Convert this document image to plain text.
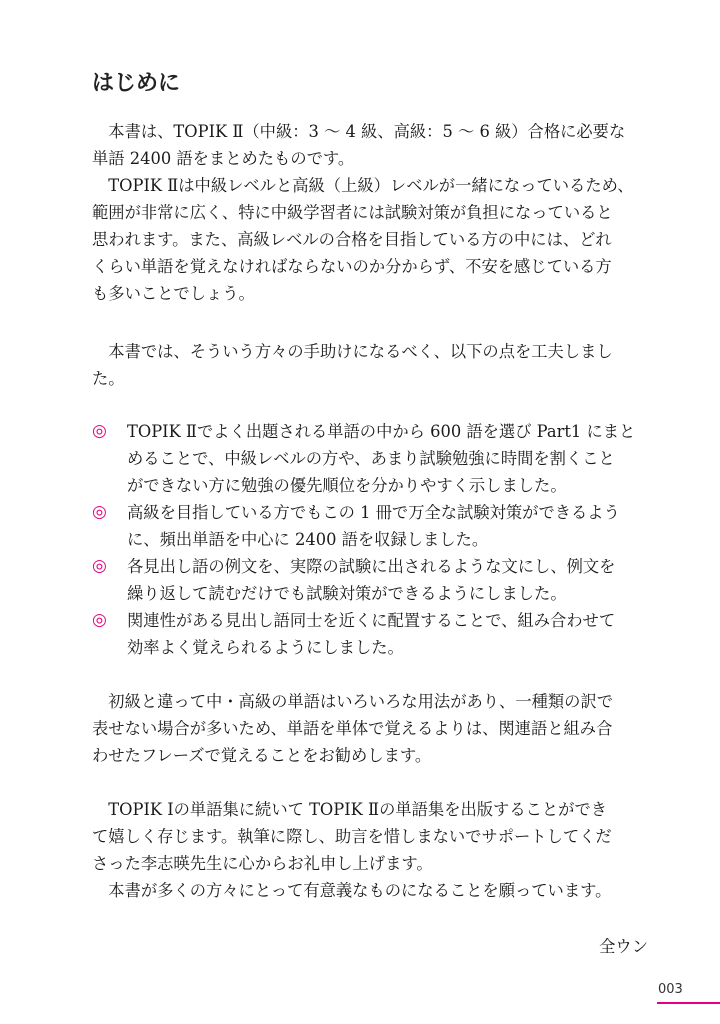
はじめに
　本書は、TOPIK Ⅱ（中級：3 ～ 4 級、高級：5 ～ 6 級）合格に必要な
単語 2400 語をまとめたものです。
　TOPIK Ⅱは中級レベルと高級（上級）レベルが一緒になっているため、
範囲が非常に広く、特に中級学習者には試験対策が負担になっていると
思われます。また、高級レベルの合格を目指している方の中には、どれ
くらい単語を覚えなければならないのか分からず、不安を感じている方
も多いことでしょう。
　本書では、そういう方々の手助けになるべく、以下の点を工夫しまし
た。
◎ TOPIK Ⅱでよく出題される単語の中から 600 語を選び Part1 にまと
めることで、中級レベルの方や、あまり試験勉強に時間を割くこと
ができない方に勉強の優先順位を分かりやすく示しました。
◎ 高級を目指している方でもこの 1 冊で万全な試験対策ができるよう
に、頻出単語を中心に 2400 語を収録しました。
◎ 各見出し語の例文を、実際の試験に出されるような文にし、例文を
繰り返して読むだけでも試験対策ができるようにしました。
◎ 関連性がある見出し語同士を近くに配置することで、組み合わせて
効率よく覚えられるようにしました。
　初級と違って中・高級の単語はいろいろな用法があり、一種類の訳で
表せない場合が多いため、単語を単体で覚えるよりは、関連語と組み合
わせたフレーズで覚えることをお勧めします。
　TOPIK Ⅰの単語集に続いて TOPIK Ⅱの単語集を出版することができ
て嬉しく存じます。執筆に際し、助言を惜しまないでサポートしてくだ
さった李志暎先生に心からお礼申し上げます。
　本書が多くの方々にとって有意義なものになることを願っています。
全ウン
003
